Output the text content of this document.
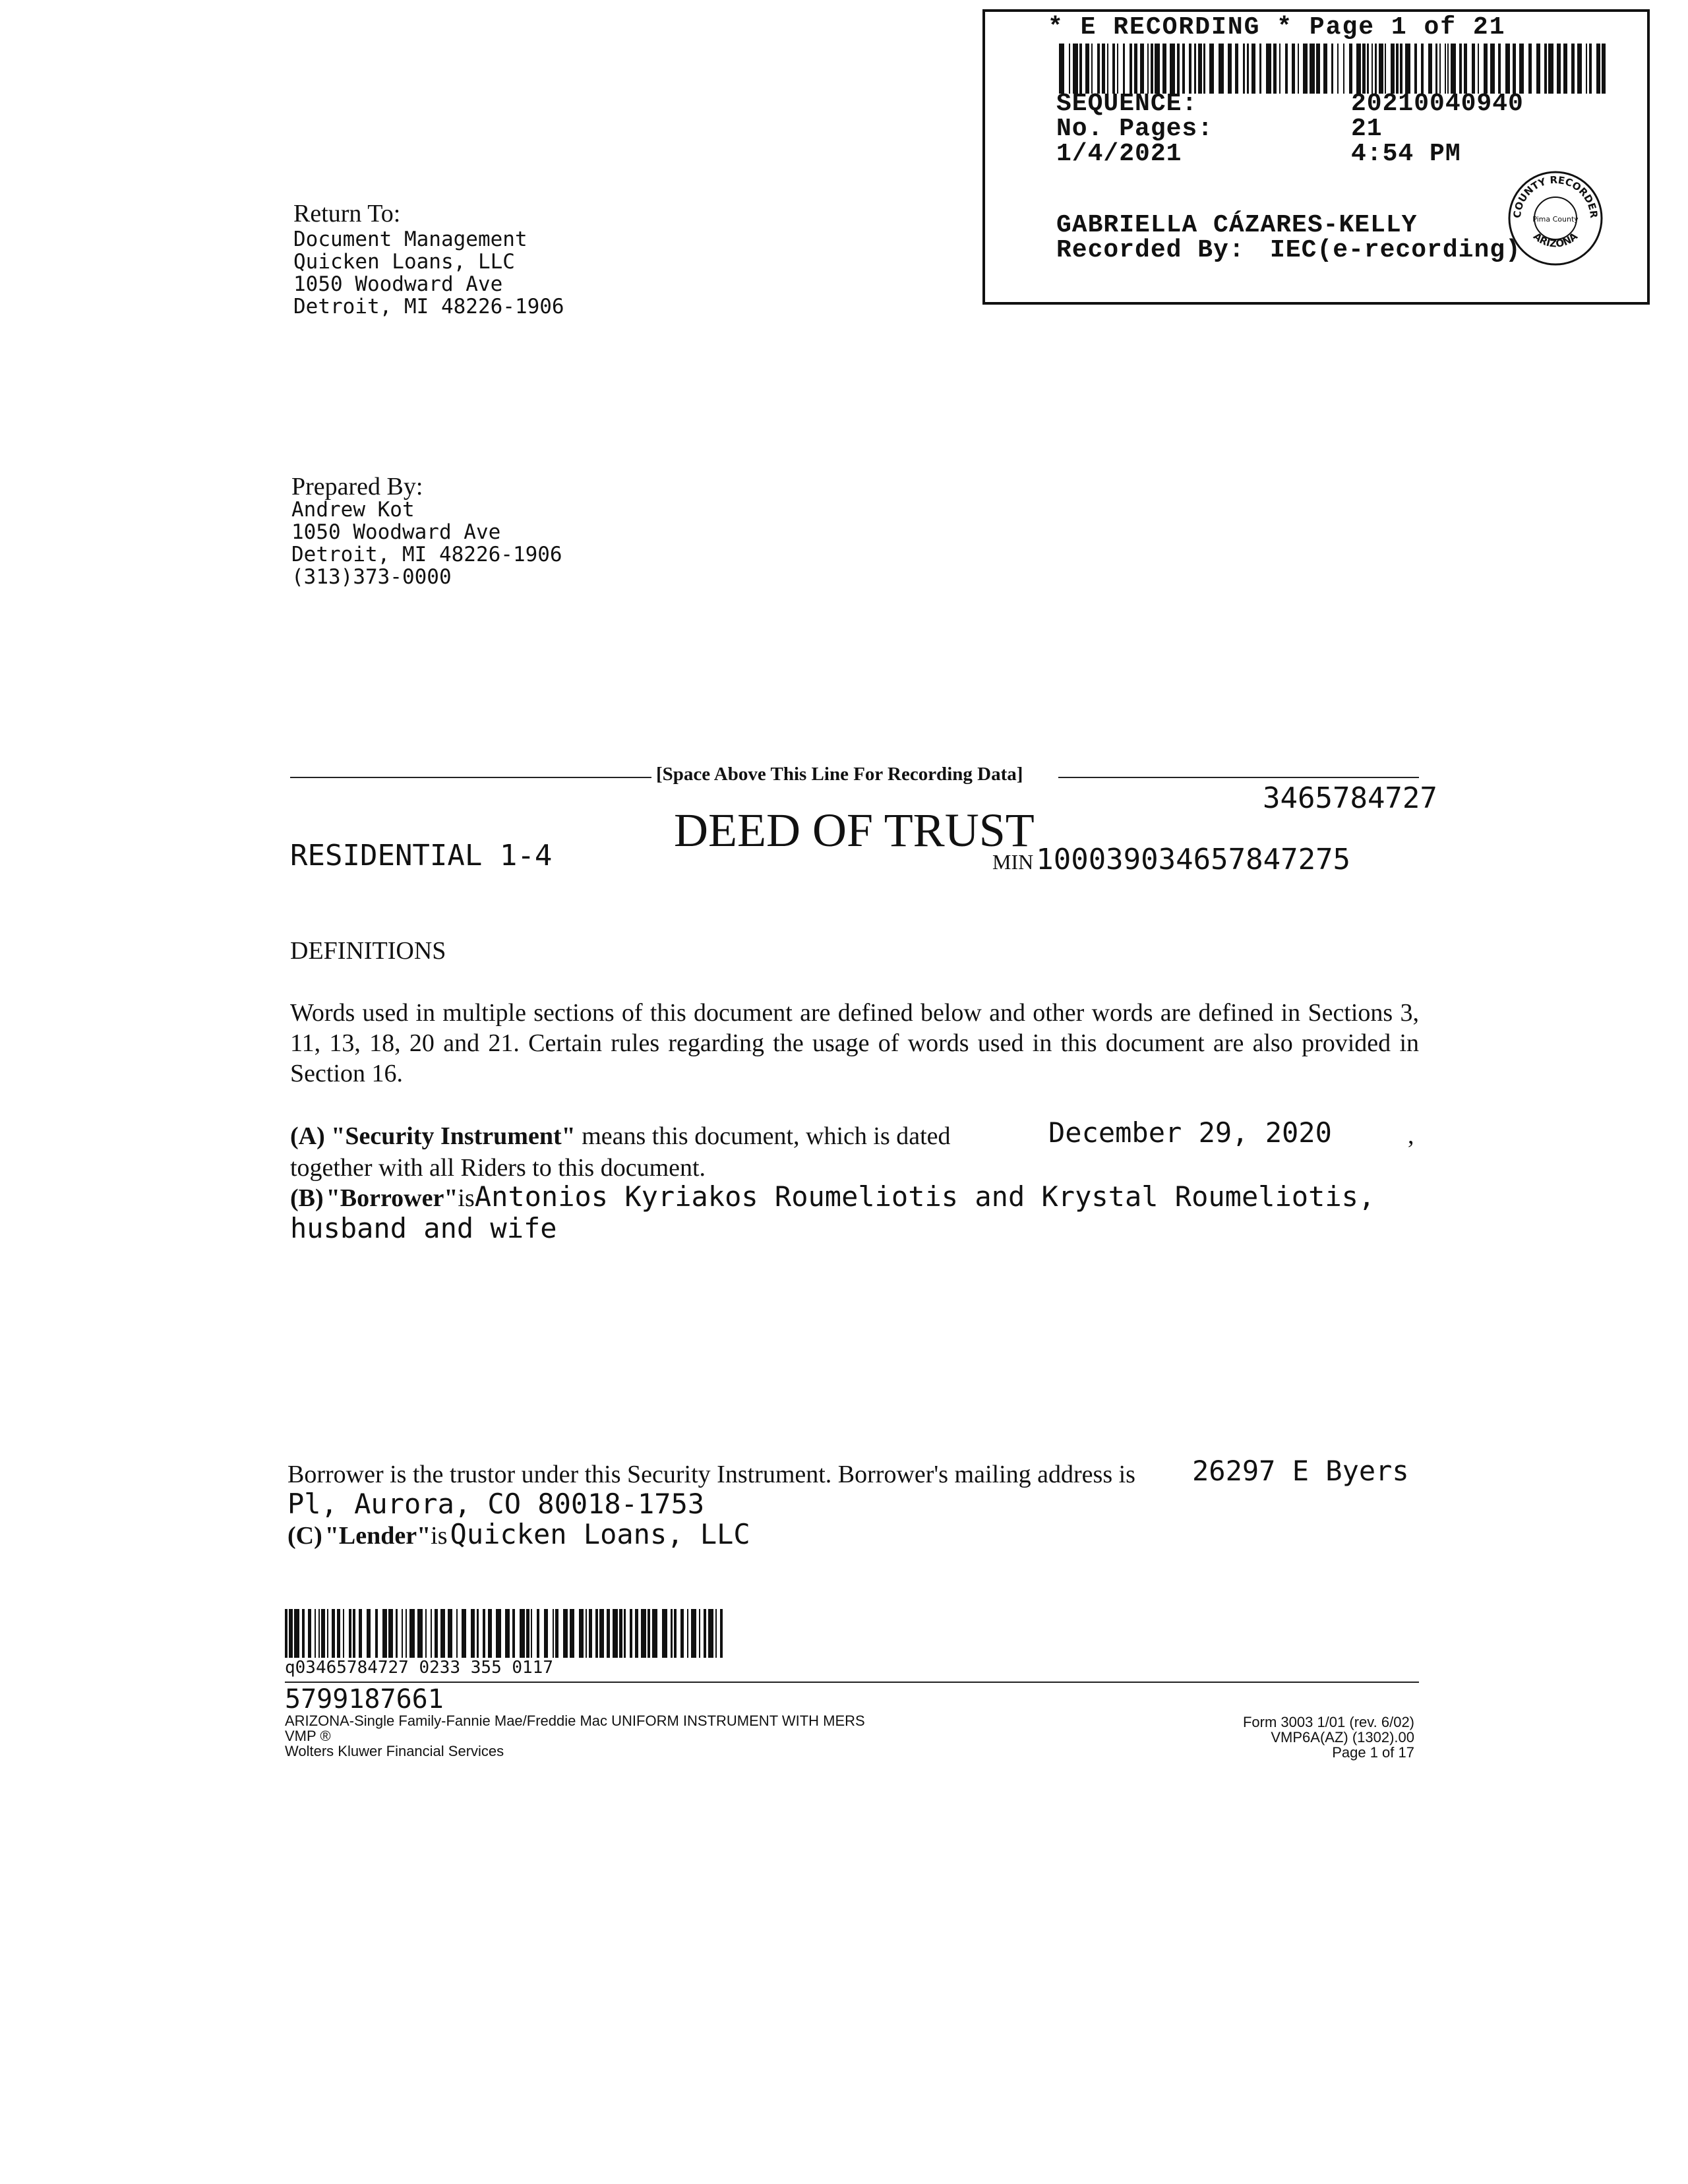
* E RECORDING * Page 1 of 21
SEQUENCE:	20210040940
No. Pages:	21
1/4/2021	4:54 PM
GABRIELLA CÁZARES-KELLY
Recorded By: IEC(e-recording)
COUNTY RECORDER
ARIZONA
Pima County
Return To:
Document Management
Quicken Loans, LLC
1050 Woodward Ave
Detroit, MI 48226-1906
Prepared By:
Andrew Kot
1050 Woodward Ave
Detroit, MI 48226-1906
(313)373-0000
[Space Above This Line For Recording Data]
3465784727
RESIDENTIAL 1-4	DEED OF TRUST
MIN 100039034657847275
DEFINITIONS
Words used in multiple sections of this document are defined below and other words are defined in Sections 3, 11, 13, 18, 20 and 21. Certain rules regarding the usage of words used in this document are also provided in Section 16.
(A) "Security Instrument" means this document, which is dated	December 29, 2020	,
together with all Riders to this document.
(B) "Borrower"isAntonios Kyriakos Roumeliotis and Krystal Roumeliotis,
husband and wife
Borrower is the trustor under this Security Instrument. Borrower's mailing address is 26297 E Byers
Pl, Aurora, CO 80018-1753
(C) "Lender"is Quicken Loans, LLC
q03465784727 0233 355 0117
5799187661
ARIZONA-Single Family-Fannie Mae/Freddie Mac UNIFORM INSTRUMENT WITH MERS
VMP ®
Wolters Kluwer Financial Services
Form 3003 1/01 (rev. 6/02)
VMP6A(AZ) (1302).00
Page 1 of 17
